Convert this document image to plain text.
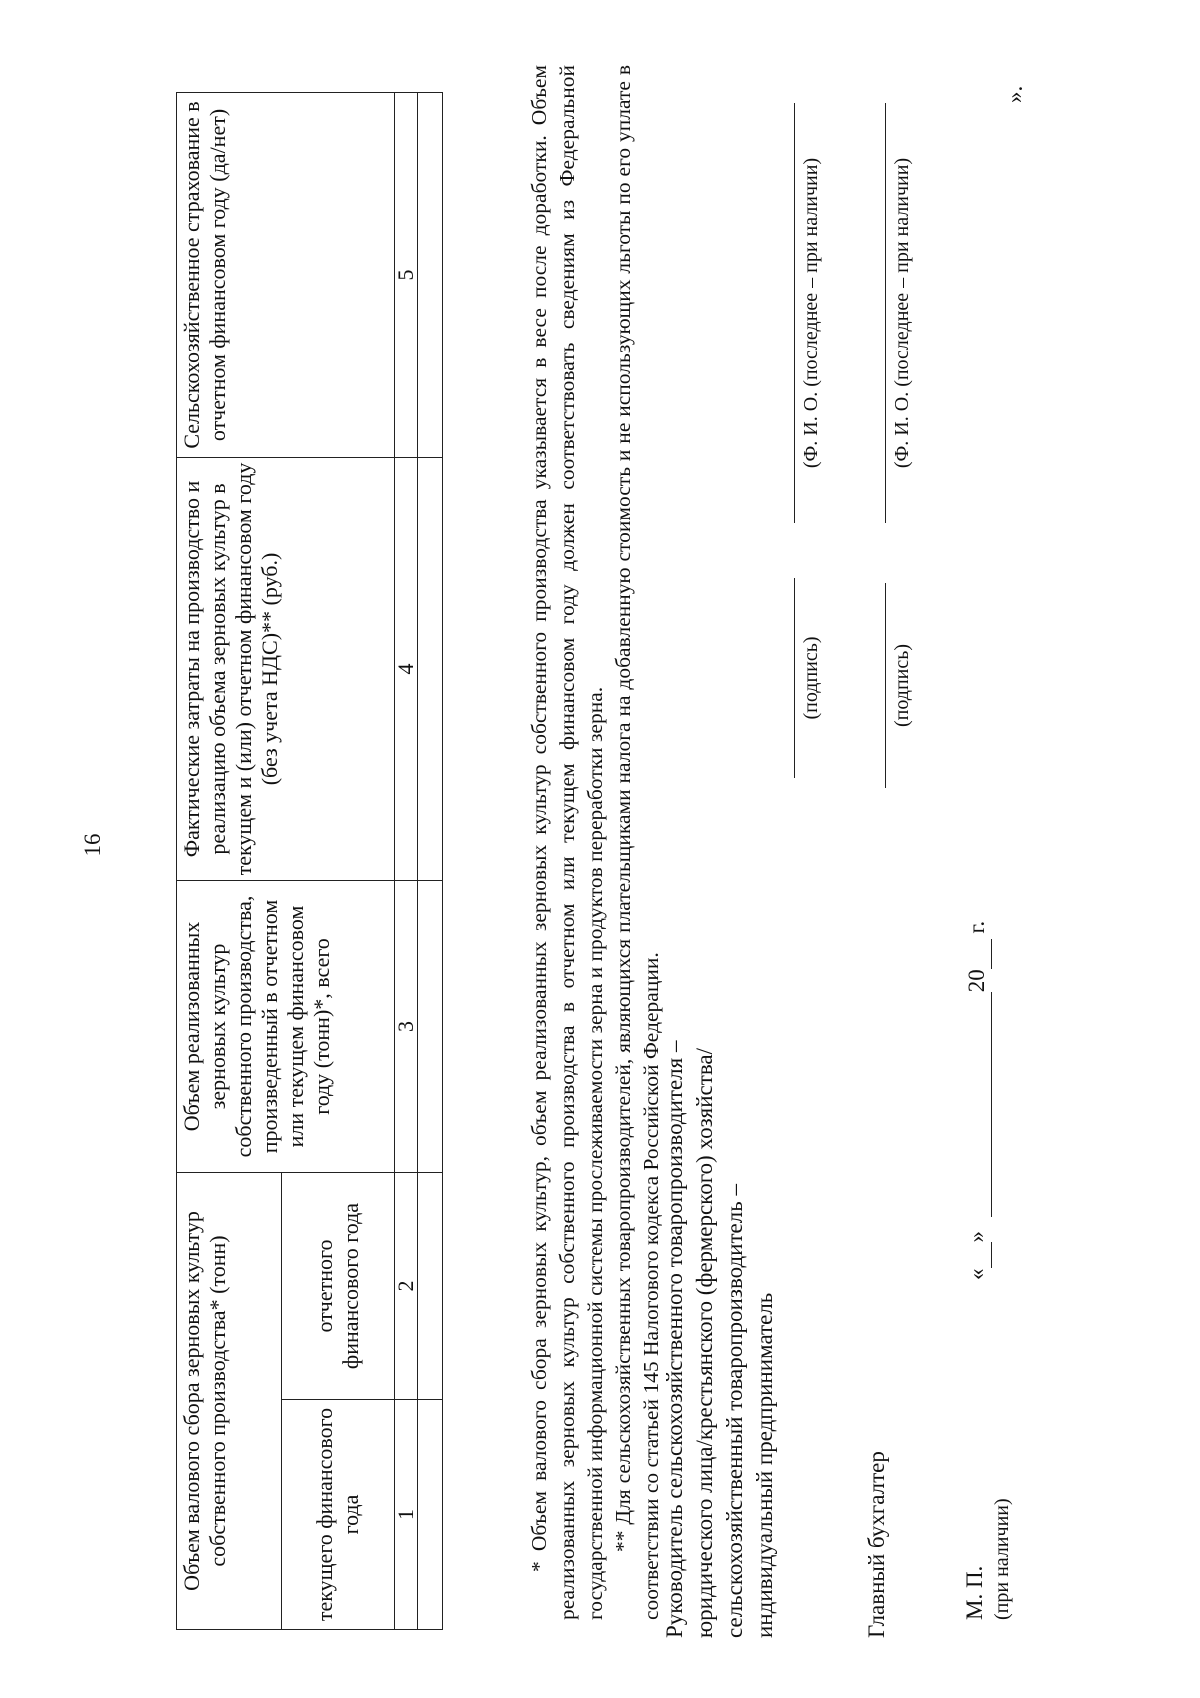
16
Объем валового сбора зерновых культур собственного производства* (тонн)		Объем реализованных зерновых культур собственного производства, произведенный в отчетном или текущем финансовом году (тонн)*, всего	Фактические затраты на производство и реализацию объема зерновых культур в текущем и (или) отчетном финансовом году (без учета НДС)** (руб.)	Сельскохозяйственное страхование в отчетном финансовом году (да/нет)
текущего финансового года	отчетного финансового года			
1	2	3	4	5
					* Объем валового сбора зерновых культур, объем реализованных зерновых культур собственного производства указывается в весе после доработки. Объем реализованных зерновых культур собственного производства в отчетном или текущем финансовом году должен соответствовать сведениям из Федеральной государственной информационной системы прослеживаемости зерна и продуктов переработки зерна. ** Для сельскохозяйственных товаропроизводителей, являющихся плательщиками налога на добавленную стоимость и не использующих льготы по его уплате в соответствии со статьей 145 Налогового кодекса Российской Федерации. Руководитель сельскохозяйственного товаропроизводителя – юридического лица/крестьянского (фермерского) хозяйства/ сельскохозяйственный товаропроизводитель – индивидуальный предприниматель
(подпись)
(Ф. И. О. (последнее – при наличии)
Главный бухгалтер
(подпись)
(Ф. И. О. (последнее – при наличии)
М. П. (при наличии)
«» 20 г.
».
